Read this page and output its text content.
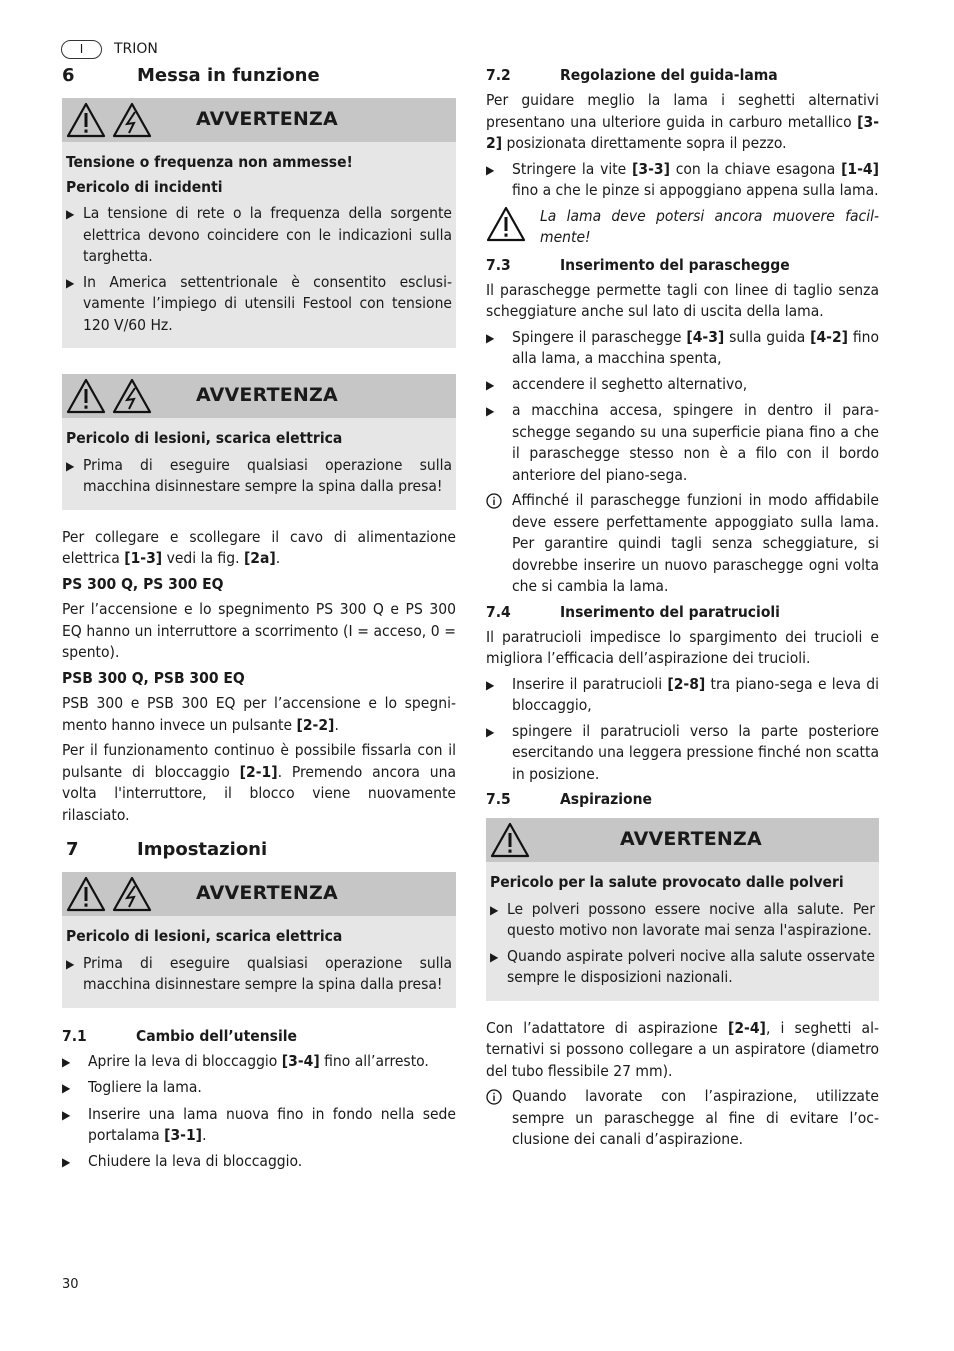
I	TRION
6	Messa in funzione
AVVERTENZA
Tensione o frequenza non ammesse!
Pericolo di incidenti
▶ La tensione di rete o la frequenza della sorgente elettrica devono coincidere con le indicazioni sulla targhetta.
▶ In America settentrionale è consentito esclusivamente l’impiego di utensili Festool con tensione 120 V/60 Hz.
AVVERTENZA
Pericolo di lesioni, scarica elettrica
▶ Prima di eseguire qualsiasi operazione sulla macchina disinnestare sempre la spina dalla presa!

Per collegare e scollegare il cavo di alimentazione elettrica [1-3] vedi la fig. [2a].

PS 300 Q, PS 300 EQ

Per l’accensione e lo spegnimento PS 300 Q e PS 300 EQ hanno un interruttore a scorrimento (I = acceso, 0 = spento).

PSB 300 Q, PSB 300 EQ

PSB 300 e PSB 300 EQ per l’accensione e lo spegnimento hanno invece un pulsante [2-2].

Per il funzionamento continuo è possibile fissarla con il pulsante di bloccaggio [2-1]. Premendo ancora una volta l'interruttore, il blocco viene nuovamente rilasciato.

7	Impostazioni
AVVERTENZA
Pericolo di lesioni, scarica elettrica
▶ Prima di eseguire qualsiasi operazione sulla macchina disinnestare sempre la spina dalla presa!
7.1	Cambio dell’utensile
▶	Aprire la leva di bloccaggio [3-4] fino all’arresto.
▶	Togliere la lama.
▶	Inserire una lama nuova fino in fondo nella sede portalama [3-1].
▶	Chiudere la leva di bloccaggio.
7.2	Regolazione del guida-lama

Per guidare meglio la lama i seghetti alternativi presentano una ulteriore guida in carburo metallico [3-2] posizionata direttamente sopra il pezzo.

▶	Stringere la vite [3-3] con la chiave esagona [1-4] fino a che le pinze si appoggiano appena sulla lama.
La lama deve potersi ancora muovere facilmente!
7.3	Inserimento del paraschegge

Il paraschegge permette tagli con linee di taglio senza scheggiature anche sul lato di uscita della lama.

▶	Spingere il paraschegge [4-3] sulla guida [4-2] fino alla lama, a macchina spenta,
▶	accendere il seghetto alternativo,
▶	a macchina accesa, spingere in dentro il paraschegge segando su una superficie piana fino a che il paraschegge stesso non è a filo con il bordo anteriore del piano-sega.
Affinché il paraschegge funzioni in modo affidabile deve essere perfettamente appoggiato sulla lama. Per garantire quindi tagli senza scheggiature, si dovrebbe inserire un nuovo paraschegge ogni volta che si cambia la lama.
7.4	Inserimento del paratrucioli

Il paratrucioli impedisce lo spargimento dei trucioli e migliora l’efficacia dell’aspirazione dei trucioli.

▶	Inserire il paratrucioli [2-8] tra piano-sega e leva di bloccaggio,
▶	spingere il paratrucioli verso la parte posteriore esercitando una leggera pressione finché non scatta in posizione.
7.5	Aspirazione
AVVERTENZA
Pericolo per la salute provocato dalle polveri
▶ Le polveri possono essere nocive alla salute. Per questo motivo non lavorate mai senza l'aspirazione.
▶ Quando aspirate polveri nocive alla salute osservate sempre le disposizioni nazionali.

Con l’adattatore di aspirazione [2-4], i seghetti alternativi si possono collegare a un aspiratore (diametro del tubo flessibile 27 mm).

Quando lavorate con l’aspirazione, utilizzate sempre un paraschegge al fine di evitare l’occlusione dei canali d’aspirazione.
30
